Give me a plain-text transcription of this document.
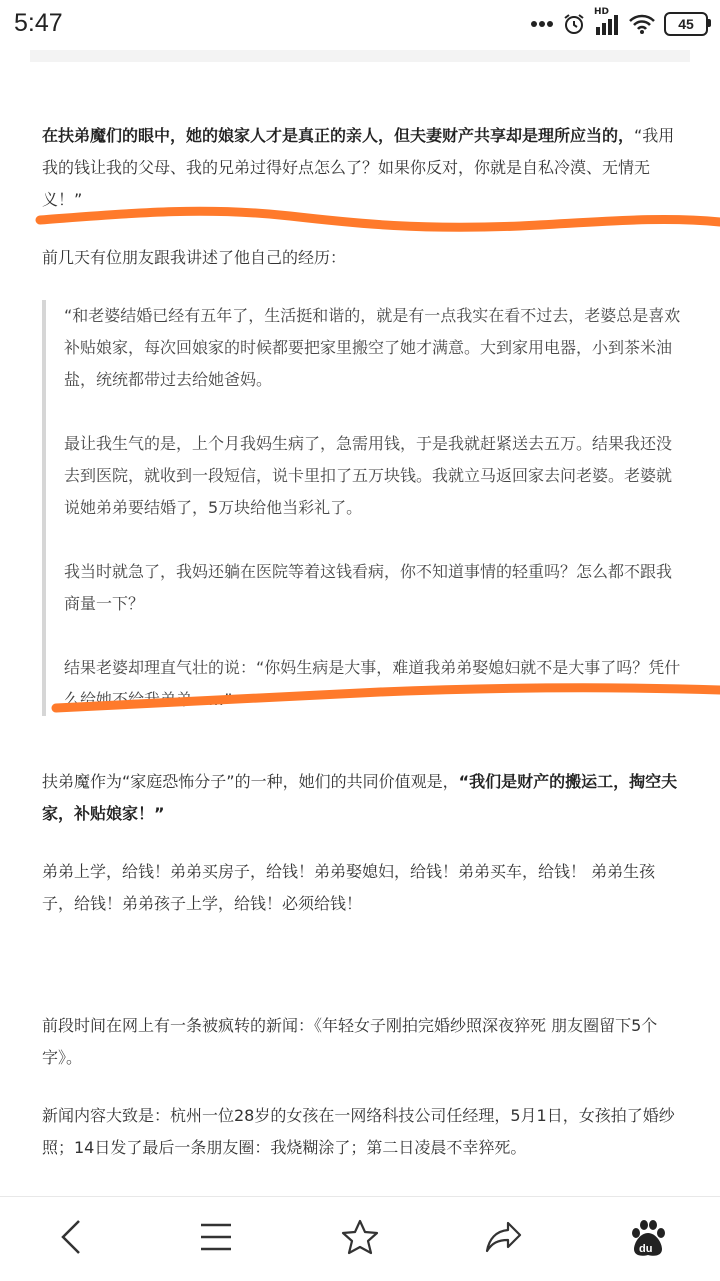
5:47	HD
45

在扶弟魔们的眼中，她的娘家人才是真正的亲人，但夫妻财产共享却是理所应当的，“我用我的钱让我的父母、我的兄弟过得好点怎么了？如果你反对，你就是自私冷漠、无情无义！”

前几天有位朋友跟我讲述了他自己的经历：

“和老婆结婚已经有五年了，生活挺和谐的，就是有一点我实在看不过去，老婆总是喜欢补贴娘家，每次回娘家的时候都要把家里搬空了她才满意。大到家用电器，小到茶米油盐，统统都带过去给她爸妈。

最让我生气的是，上个月我妈生病了，急需用钱，于是我就赶紧送去五万。结果我还没去到医院，就收到一段短信，说卡里扣了五万块钱。我就立马返回家去问老婆。老婆就说她弟弟要结婚了，5万块给他当彩礼了。

我当时就急了，我妈还躺在医院等着这钱看病，你不知道事情的轻重吗？怎么都不跟我商量一下？

结果老婆却理直气壮的说：“你妈生病是大事，难道我弟弟娶媳妇就不是大事了吗？凭什么给她不给我弟弟……”

扶弟魔作为“家庭恐怖分子”的一种，她们的共同价值观是，“我们是财产的搬运工，掏空夫家，补贴娘家！”

弟弟上学，给钱！弟弟买房子，给钱！弟弟娶媳妇，给钱！弟弟买车，给钱！ 弟弟生孩子，给钱！弟弟孩子上学，给钱！必须给钱！

前段时间在网上有一条被疯转的新闻：《年轻女子刚拍完婚纱照深夜猝死 朋友圈留下5个字》。

新闻内容大致是：杭州一位28岁的女孩在一网络科技公司任经理，5月1日，女孩拍了婚纱照；14日发了最后一条朋友圈：我烧糊涂了；第二日凌晨不幸猝死。

du
